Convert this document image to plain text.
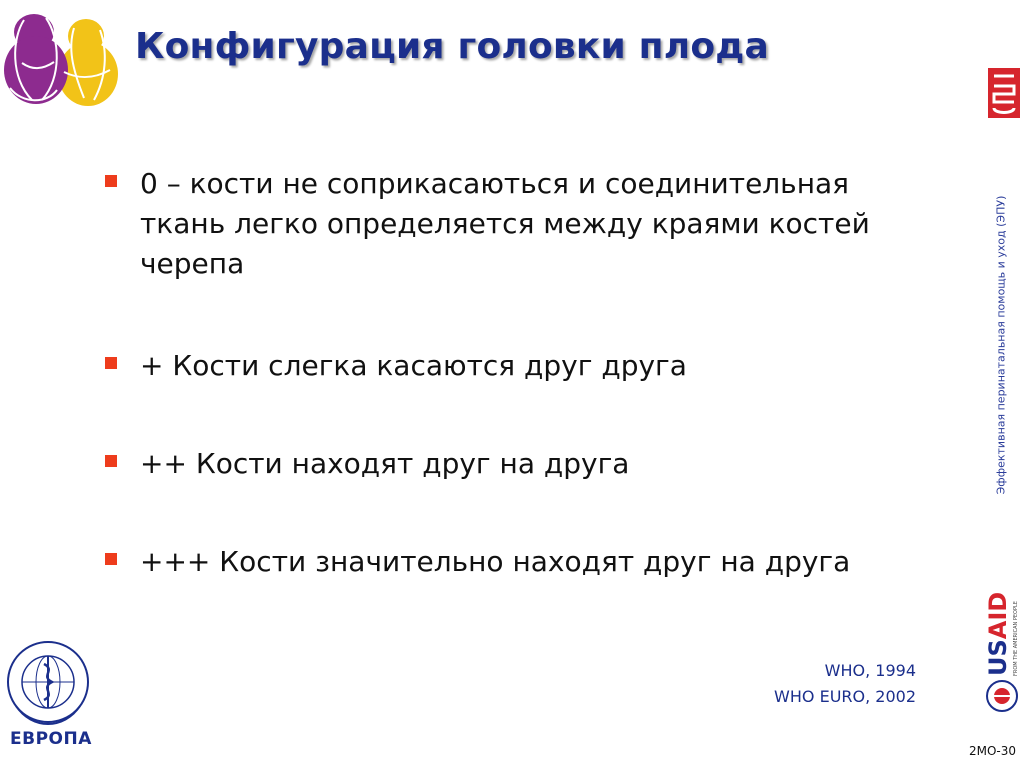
Конфигурация головки плода
0 – кости не соприкасаються и соединительная ткань легко определяется между краями костей черепа
+ Кости слегка касаются друг друга
++ Кости находят друг на друга
+++ Кости значительно находят друг на друга
WHO, 1994
WHO EURO, 2002
ЕВРОПА
Эффективная перинатальная помощь и уход (ЭПУ)
USAID FROM THE AMERICAN PEOPLE
2МО-30
